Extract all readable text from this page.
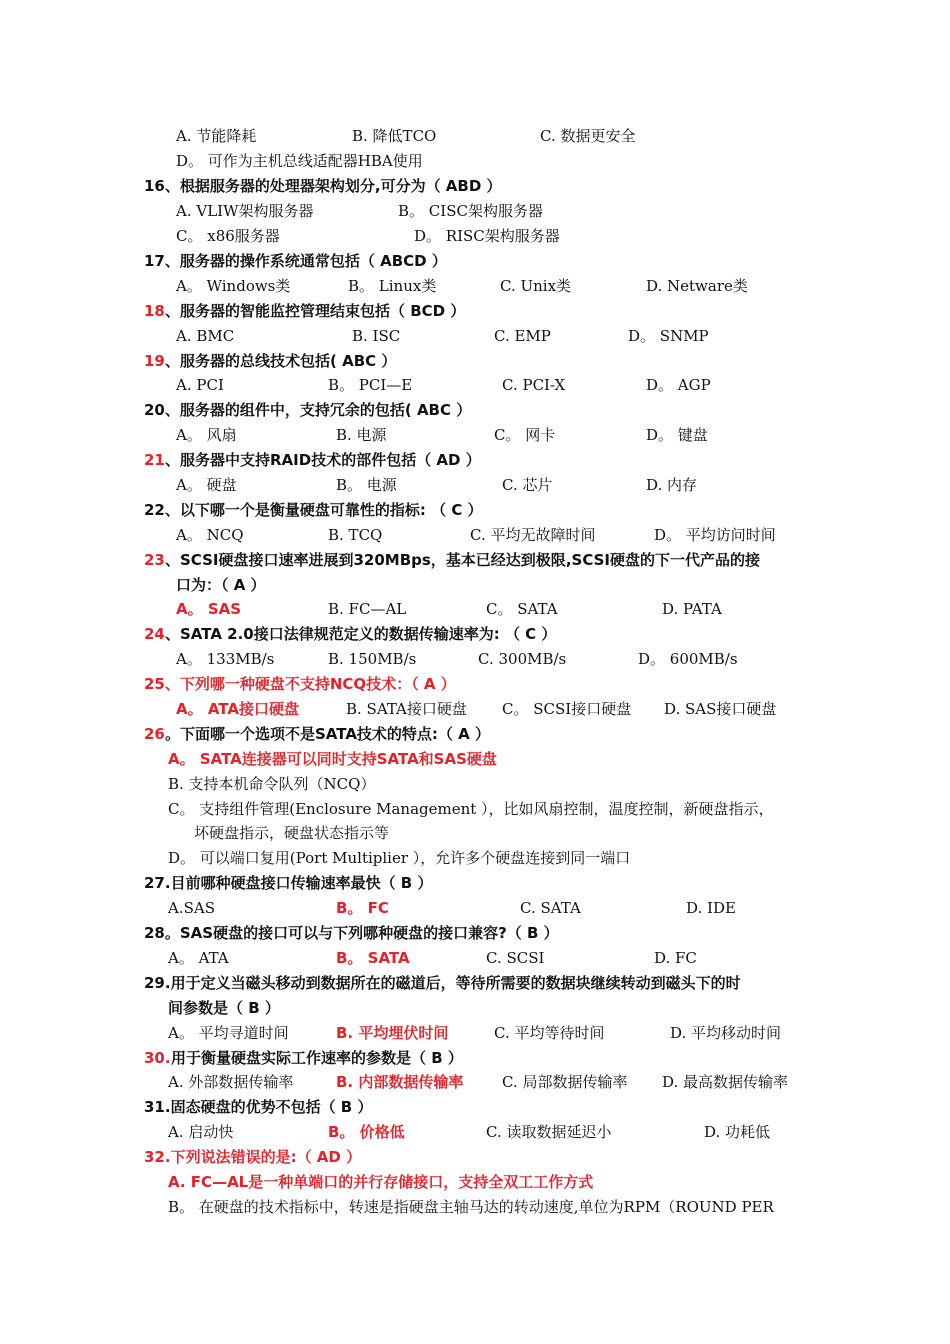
A. 节能降耗	B. 降低TCO	C. 数据更安全
D。 可作为主机总线适配器HBA使用
16、根据服务器的处理器架构划分,可分为（ ABD ）
A. VLIW架构服务器	B。 CISC架构服务器
C。 x86服务器	D。 RISC架构服务器
17、服务器的操作系统通常包括（ ABCD ）
A。 Windows类	B。 Linux类	C. Unix类	D. Netware类
18 、服务器的智能监控管理结束包括（ BCD ）
A. BMC	B. ISC	C. EMP	D。 SNMP
19 、服务器的总线技术包括( ABC ）
A. PCI	B。 PCI—E	C. PCI-X	D。 AGP
20、服务器的组件中，支持冗余的包括( ABC ）
A。 风扇	B. 电源	C。 网卡	D。 键盘
21 、服务器中支持RAID技术的部件包括（ AD ）
A。 硬盘	B。 电源	C. 芯片	D. 内存
22、以下哪一个是衡量硬盘可靠性的指标: （ C ）
A。 NCQ	B. TCQ	C. 平均无故障时间	D。 平均访问时间
23 、SCSI硬盘接口速率进展到320MBps，基本已经达到极限,SCSI硬盘的下一代产品的接
口为：（ A ）
A。 SAS	B. FC—AL	C。 SATA	D. PATA
24 、SATA 2.0接口法律规范定义的数据传输速率为: （ C ）
A。 133MB/s	B. 150MB/s	C. 300MB/s	D。 600MB/s
25、下列哪一种硬盘不支持NCQ技术：（ A ）
A。 ATA接口硬盘	B. SATA接口硬盘 C。 SCSI接口硬盘 D. SAS接口硬盘
26 。下面哪一个选项不是SATA技术的特点:（ A ）
A。 SATA连接器可以同时支持SATA和SAS硬盘
B. 支持本机命令队列（NCQ）
C。 支持组件管理(Enclosure Management ），比如风扇控制，温度控制，新硬盘指示，
坏硬盘指示，硬盘状态指示等
D。 可以端口复用(Port Multiplier ），允许多个硬盘连接到同一端口
27.目前哪种硬盘接口传输速率最快（ B ）
A.SAS	B。 FC	C. SATA	D. IDE
28。SAS硬盘的接口可以与下列哪种硬盘的接口兼容?（ B ）
A。 ATA	B。 SATA	C. SCSI	D. FC
29.用于定义当磁头移动到数据所在的磁道后，等待所需要的数据块继续转动到磁头下的时
间参数是（ B ）
A。 平均寻道时间	B. 平均埋伏时间	C. 平均等待时间	D. 平均移动时间
30. 用于衡量硬盘实际工作速率的参数是（ B ）
A. 外部数据传输率	B. 内部数据传输率	C. 局部数据传输率 D. 最高数据传输率
31.固态硬盘的优势不包括（ B ）
A. 启动快	B。 价格低	C. 读取数据延迟小	D. 功耗低
32.下列说法错误的是:（ AD ）
A. FC—AL是一种单端口的并行存储接口，支持全双工工作方式
B。 在硬盘的技术指标中，转速是指硬盘主轴马达的转动速度,单位为RPM（ROUND PER
